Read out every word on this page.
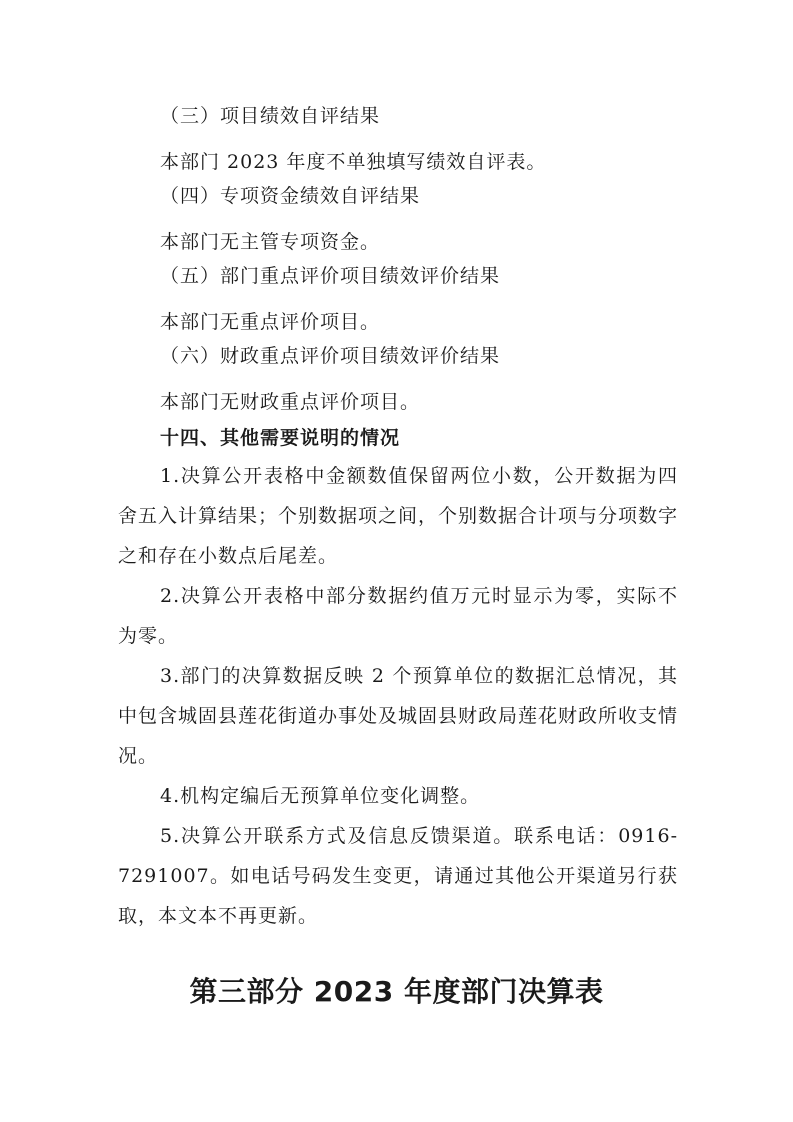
（三）项目绩效自评结果
本部门 2023 年度不单独填写绩效自评表。
（四）专项资金绩效自评结果
本部门无主管专项资金。
（五）部门重点评价项目绩效评价结果
本部门无重点评价项目。
（六）财政重点评价项目绩效评价结果
本部门无财政重点评价项目。
十四、其他需要说明的情况
1.决算公开表格中金额数值保留两位小数，公开数据为四舍五入计算结果；个别数据项之间，个别数据合计项与分项数字之和存在小数点后尾差。
2.决算公开表格中部分数据约值万元时显示为零，实际不为零。
3.部门的决算数据反映 2 个预算单位的数据汇总情况，其中包含城固县莲花街道办事处及城固县财政局莲花财政所收支情况。
4.机构定编后无预算单位变化调整。
5.决算公开联系方式及信息反馈渠道。联系电话：0916-7291007。如电话号码发生变更，请通过其他公开渠道另行获取，本文本不再更新。
第三部分 2023 年度部门决算表
